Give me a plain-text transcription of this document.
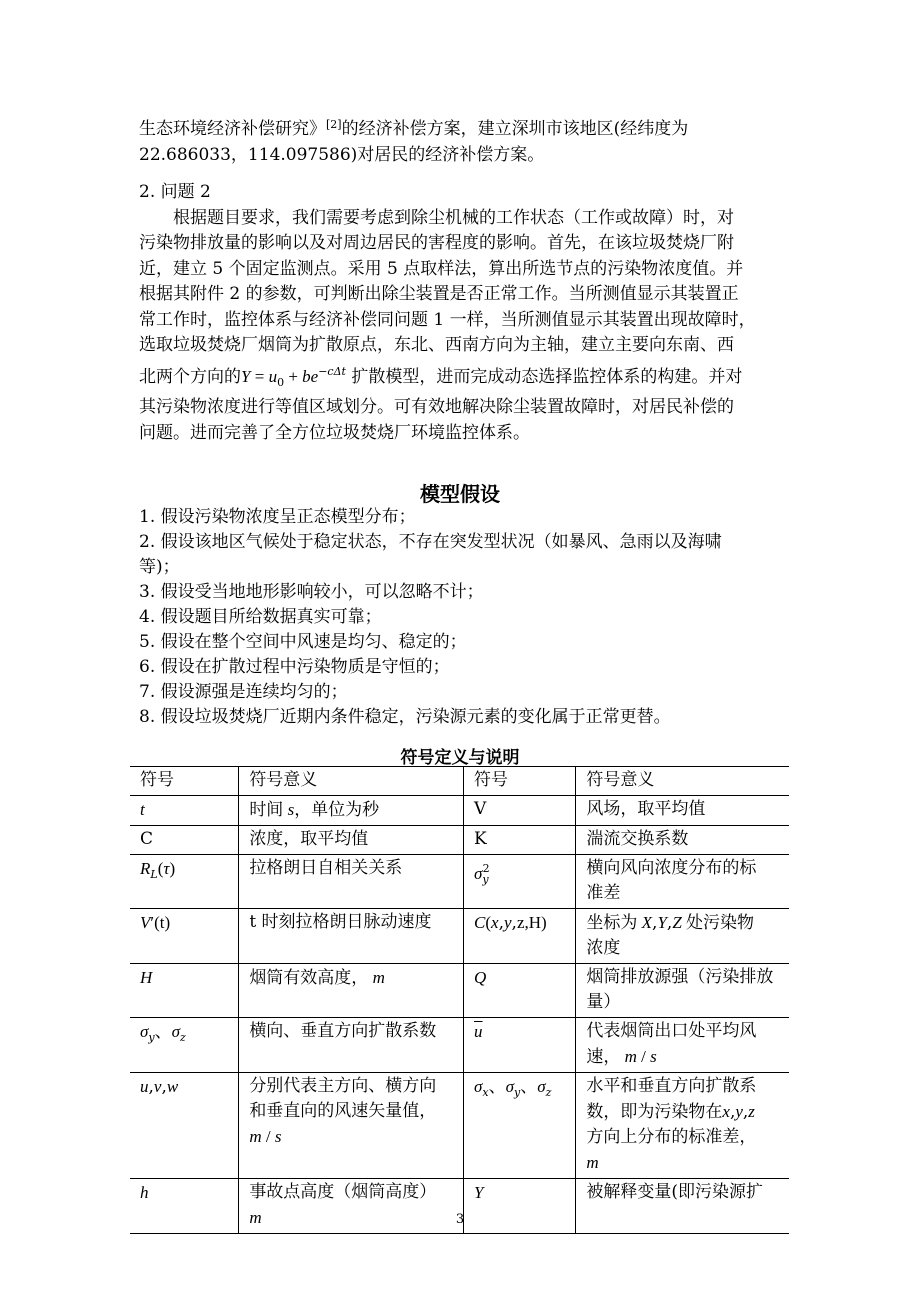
生态环境经济补偿研究》[2]的经济补偿方案，建立深圳市该地区(经纬度为
22.686033，114.097586)对居民的经济补偿方案。
2. 问题 2
根据题目要求，我们需要考虑到除尘机械的工作状态（工作或故障）时，对
污染物排放量的影响以及对周边居民的害程度的影响。首先，在该垃圾焚烧厂附
近，建立 5 个固定监测点。采用 5 点取样法，算出所选节点的污染物浓度值。并
根据其附件 2 的参数，可判断出除尘装置是否正常工作。当所测值显示其装置正
常工作时，监控体系与经济补偿同问题 1 一样，当所测值显示其装置出现故障时，
选取垃圾焚烧厂烟筒为扩散原点，东北、西南方向为主轴，建立主要向东南、西
北两个方向的$Y = u_0 + be^{-c\Delta t}$ 扩散模型，进而完成动态选择监控体系的构建。并对
其污染物浓度进行等值区域划分。可有效地解决除尘装置故障时，对居民补偿的
问题。进而完善了全方位垃圾焚烧厂环境监控体系。
模型假设
1. 假设污染物浓度呈正态模型分布；
2. 假设该地区气候处于稳定状态，不存在突发型状况（如暴风、急雨以及海啸
等)；
3. 假设受当地地形影响较小，可以忽略不计；
4. 假设题目所给数据真实可靠；
5. 假设在整个空间中风速是均匀、稳定的；
6. 假设在扩散过程中污染物质是守恒的；
7. 假设源强是连续均匀的；
8. 假设垃圾焚烧厂近期内条件稳定，污染源元素的变化属于正常更替。
符号定义与说明
符号	符号意义	符号	符号意义
t	时间 s，单位为秒	V	风场，取平均值
C	浓度，取平均值	K	湍流交换系数
$R_L(\tau)$	拉格朗日自相关关系	$\sigma_y^2$	横向风向浓度分布的标
准差
V′(t)	t 时刻拉格朗日脉动速度	C(x,y,z,H)	坐标为 X,Y,Z 处污染物
浓度
H	烟筒有效高度， m	Q	烟筒排放源强（污染排放
量）
$\sigma_y$、$\sigma_z$	横向、垂直方向扩散系数	$\overline{u}$	代表烟筒出口处平均风
速， m / s
u,v,w	分别代表主方向、横方向
和垂直向的风速矢量值，
m / s	$\sigma_x$、$\sigma_y$、$\sigma_z$	水平和垂直方向扩散系
数，即为污染物在x,y,z
方向上分布的标准差，
m
h	事故点高度（烟筒高度）
m	Y	被解释变量(即污染源扩
3
